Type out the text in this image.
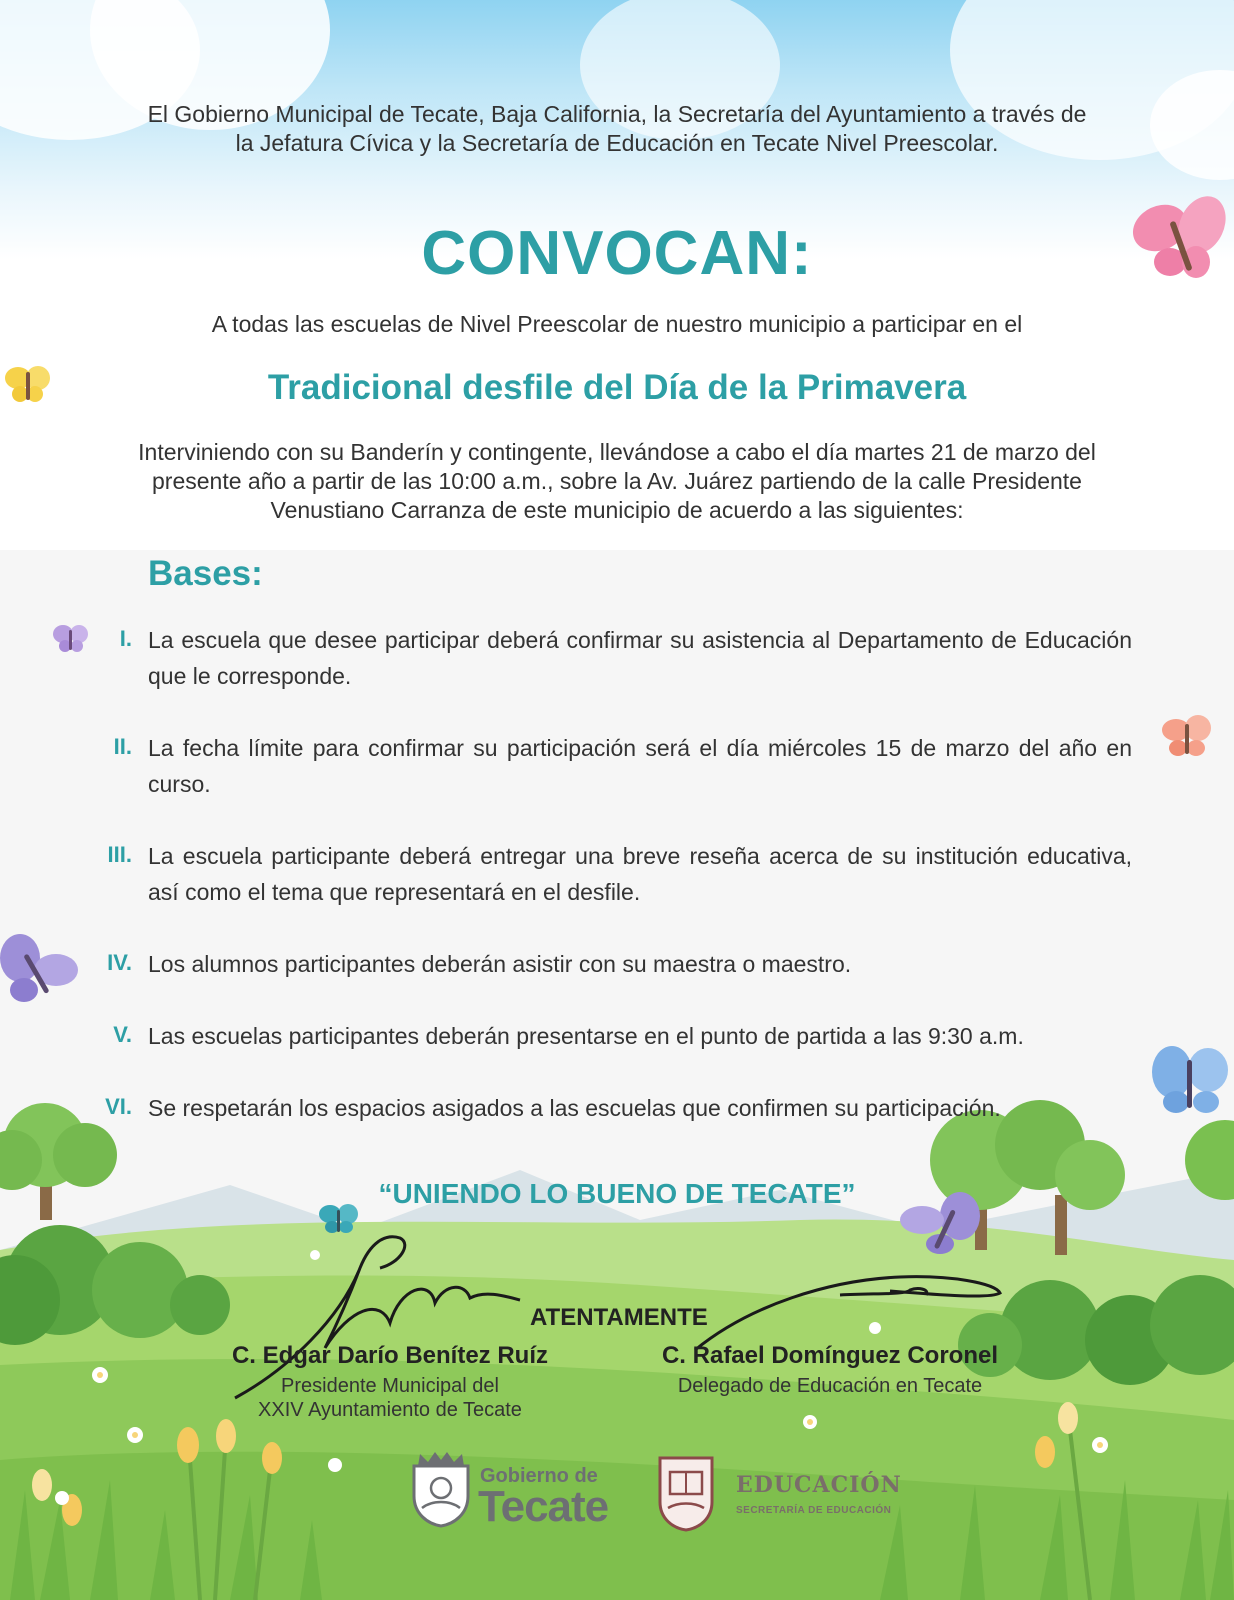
El Gobierno Municipal de Tecate, Baja California, la Secretaría del Ayuntamiento a través de
la Jefatura Cívica y la Secretaría de Educación en Tecate Nivel Preescolar.
CONVOCAN:
A todas las escuelas de Nivel Preescolar de nuestro municipio a participar en el
Tradicional desfile del Día de la Primavera
Interviniendo con su Banderín y contingente, llevándose a cabo el día martes 21 de marzo del
presente año a partir de las 10:00 a.m., sobre la Av. Juárez partiendo de la calle Presidente
Venustiano Carranza de este municipio de acuerdo a las siguientes:
Bases:
I. La escuela que desee participar deberá confirmar su asistencia al Departamento de Educación que le corresponde.
II. La fecha límite para confirmar su participación será el día miércoles 15 de marzo del año en curso.
III. La escuela participante deberá entregar una breve reseña acerca de su institución educativa, así como el tema que representará en el desfile.
IV. Los alumnos participantes deberán asistir con su maestra o maestro.
V. Las escuelas participantes deberán presentarse en el punto de partida a las 9:30 a.m.
VI. Se respetarán los espacios asigados a las escuelas que confirmen su participación.
“UNIENDO LO BUENO DE TECATE”
ATENTAMENTE
C. Edgar Darío Benítez Ruíz
Presidente Municipal del
XXIV Ayuntamiento de Tecate
C. Rafael Domínguez Coronel
Delegado de Educación en Tecate
Gobierno de
Tecate	EDUCACIÓN
SECRETARÍA DE EDUCACIÓN
